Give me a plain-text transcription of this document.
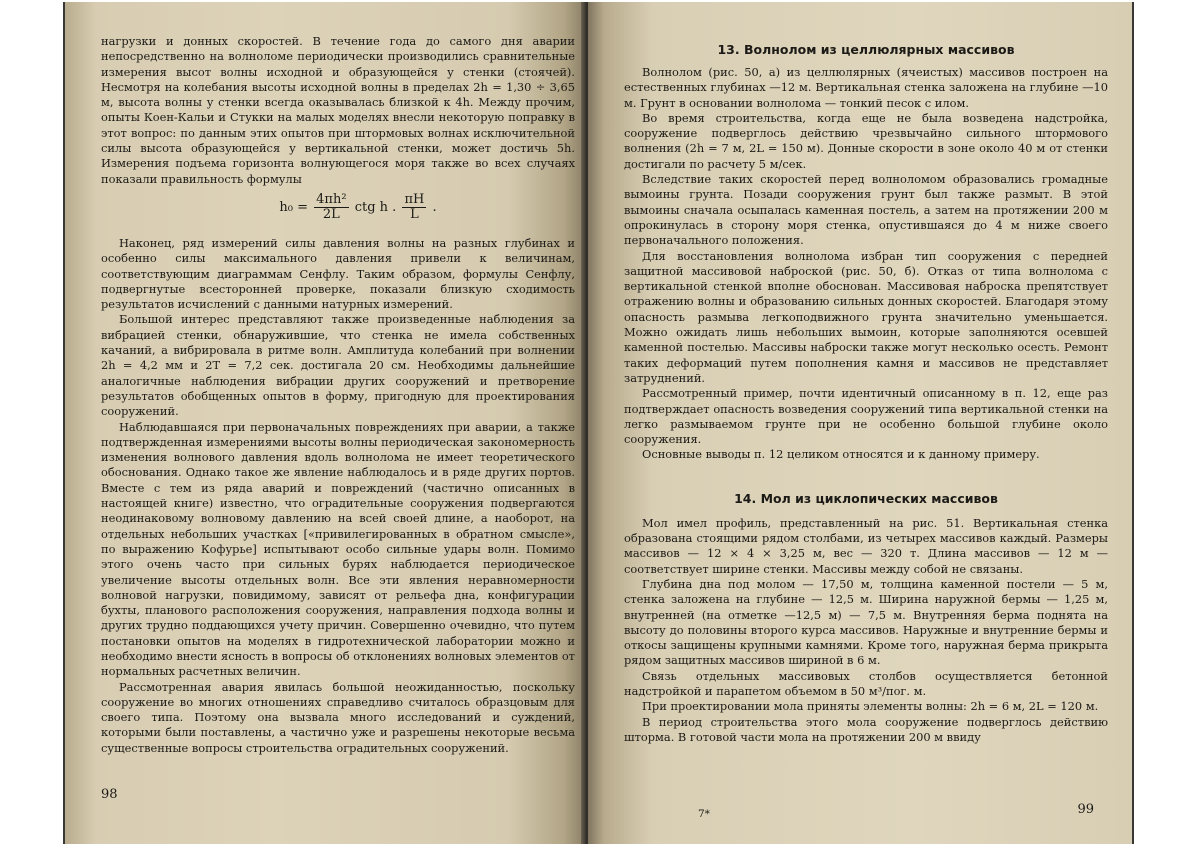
нагрузки и донных скоростей. В течение года до самого дня аварии непосредственно на волноломе периодически производились сравнительные измерения высот волны исходной и образующейся у стенки (стоячей). Несмотря на колебания высоты исходной волны в пределах 2h = 1,30 ÷ 3,65 м, высота волны у стенки всегда оказывалась близкой к 4h. Между прочим, опыты Коен-Кальи и Стукки на малых моделях внесли некоторую поправку в этот вопрос: по данным этих опытов при штормовых волнах исключительной силы высота образующейся у вертикальной стенки, может достичь 5h. Измерения подъема горизонта волнующегося моря также во всех случаях показали правильность формулы

$h_0 = \frac{\text{4πh²}}{2L}$ ctg h . $\frac{\pi H}{L}$ .

Наконец, ряд измерений силы давления волны на разных глубинах и особенно силы максимального давления привели к величинам, соответствующим диаграммам Сенфлу. Таким образом, формулы Сенфлу, подвергнутые всесторонней проверке, показали близкую сходимость результатов исчислений с данными натурных измерений.

Большой интерес представляют также произведенные наблюдения за вибрацией стенки, обнаружившие, что стенка не имела собственных качаний, а вибрировала в ритме волн. Амплитуда колебаний при волнении 2h = 4,2 мм и 2T = 7,2 сек. достигала 20 см. Необходимы дальнейшие аналогичные наблюдения вибрации других сооружений и претворение результатов обобщенных опытов в форму, пригодную для проектирования сооружений.

Наблюдавшаяся при первоначальных повреждениях при аварии, а также подтвержденная измерениями высоты волны периодическая закономерность изменения волнового давления вдоль волнолома не имеет теоретического обоснования. Однако такое же явление наблюдалось и в ряде других портов. Вместе с тем из ряда аварий и повреждений (частично описанных в настоящей книге) известно, что оградительные сооружения подвергаются неодинаковому волновому давлению на всей своей длине, а наоборот, на отдельных небольших участках [«привилегированных в обратном смысле», по выражению Кофурье] испытывают особо сильные удары волн. Помимо этого очень часто при сильных бурях наблюдается периодическое увеличение высоты отдельных волн. Все эти явления неравномерности волновой нагрузки, повидимому, зависят от рельефа дна, конфигурации бухты, планового расположения сооружения, направления подхода волны и других трудно поддающихся учету причин. Совершенно очевидно, что путем постановки опытов на моделях в гидротехнической лаборатории можно и необходимо внести ясность в вопросы об отклонениях волновых элементов от нормальных расчетных величин.

Рассмотренная авария явилась большой неожиданностью, поскольку сооружение во многих отношениях справедливо считалось образцовым для своего типа. Поэтому она вызвала много исследований и суждений, которыми были поставлены, а частично уже и разрешены некоторые весьма существенные вопросы строительства оградительных сооружений.

98
13. Волнолом из целлюлярных массивов

Волнолом (рис. 50, а) из целлюлярных (ячеистых) массивов построен на естественных глубинах —12 м. Вертикальная стенка заложена на глубине —10 м. Грунт в основании волнолома — тонкий песок с илом.

Во время строительства, когда еще не была возведена надстройка, сооружение подверглось действию чрезвычайно сильного штормового волнения (2h = 7 м, 2L = 150 м). Донные скорости в зоне около 40 м от стенки достигали по расчету 5 м/сек.

Вследствие таких скоростей перед волноломом образовались громадные вымоины грунта. Позади сооружения грунт был также размыт. В этой вымоины сначала осыпалась каменная постель, а затем на протяжении 200 м опрокинулась в сторону моря стенка, опустившаяся до 4 м ниже своего первоначального положения.

Для восстановления волнолома избран тип сооружения с передней защитной массивовой наброской (рис. 50, б). Отказ от типа волнолома с вертикальной стенкой вполне обоснован. Массивовая наброска препятствует отражению волны и образованию сильных донных скоростей. Благодаря этому опасность размыва легкоподвижного грунта значительно уменьшается. Можно ожидать лишь небольших вымоин, которые заполняются осевшей каменной постелью. Массивы наброски также могут несколько осесть. Ремонт таких деформаций путем пополнения камня и массивов не представляет затруднений.

Рассмотренный пример, почти идентичный описанному в п. 12, еще раз подтверждает опасность возведения сооружений типа вертикальной стенки на легко размываемом грунте при не особенно большой глубине около сооружения.

Основные выводы п. 12 целиком относятся и к данному примеру.

14. Мол из циклопических массивов

Мол имел профиль, представленный на рис. 51. Вертикальная стенка образована стоящими рядом столбами, из четырех массивов каждый. Размеры массивов — 12 × 4 × 3,25 м, вес — 320 т. Длина массивов — 12 м — соответствует ширине стенки. Массивы между собой не связаны.

Глубина дна под молом — 17,50 м, толщина каменной постели — 5 м, стенка заложена на глубине — 12,5 м. Ширина наружной бермы — 1,25 м, внутренней (на отметке —12,5 м) — 7,5 м. Внутренняя берма поднята на высоту до половины второго курса массивов. Наружные и внутренние бермы и откосы защищены крупными камнями. Кроме того, наружная берма прикрыта рядом защитных массивов шириной в 6 м.

Связь отдельных массивовых столбов осуществляется бетонной надстройкой и парапетом объемом в 50 м³/пог. м.

При проектировании мола приняты элементы волны: 2h = 6 м, 2L = 120 м.

В период строительства этого мола сооружение подверглось действию шторма. В готовой части мола на протяжении 200 м ввиду

7*	99
